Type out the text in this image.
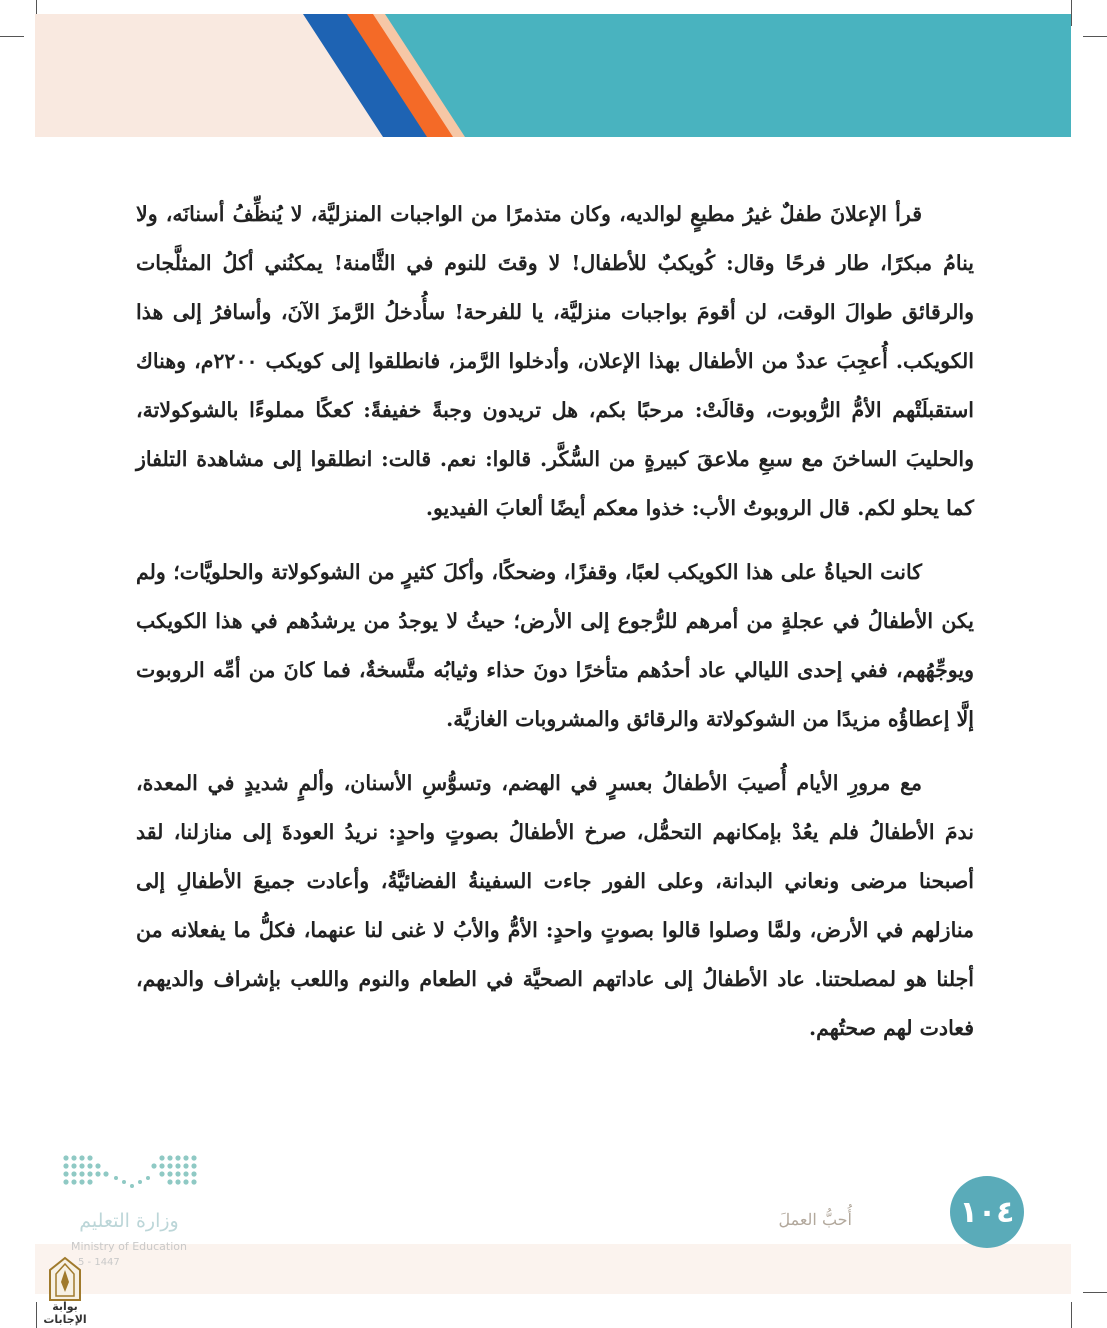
قرأ الإعلانَ طفلٌ غيرُ مطيعٍ لوالديه، وكان متذمرًا من الواجبات المنزليَّة، لا يُنظِّفُ أسنانَه، ولا ينامُ مبكرًا، طار فرحًا وقال: كُويكبٌ للأطفال! لا وقتَ للنوم في الثَّامنة! يمكنُني أكلُ المثلَّجات والرقائق طوالَ الوقت، لن أقومَ بواجبات منزليَّة، يا للفرحة! سأُدخلُ الرَّمزَ الآنَ، وأسافرُ إلى هذا الكويكب. أُعجِبَ عددٌ من الأطفال بهذا الإعلان، وأدخلوا الرَّمز، فانطلقوا إلى كويكب ٢٢٠٠م، وهناك استقبلَتْهم الأمُّ الرُّوبوت، وقالَتْ: مرحبًا بكم، هل تريدون وجبةً خفيفةً: كعكًا مملوءًا بالشوكولاتة، والحليبَ الساخنَ مع سبعِ ملاعقَ كبيرةٍ من السُّكَّر. قالوا: نعم. قالت: انطلقوا إلى مشاهدة التلفاز كما يحلو لكم. قال الروبوتُ الأب: خذوا معكم أيضًا ألعابَ الفيديو.

كانت الحياةُ على هذا الكويكب لعبًا، وقفزًا، وضحكًا، وأكلَ كثيرٍ من الشوكولاتة والحلويَّات؛ ولم يكن الأطفالُ في عجلةٍ من أمرهم للرُّجوع إلى الأرض؛ حيثُ لا يوجدُ من يرشدُهم في هذا الكويكب ويوجِّهُهم، ففي إحدى الليالي عاد أحدُهم متأخرًا دونَ حذاء وثيابُه متَّسخةٌ، فما كانَ من أمِّه الروبوت إلَّا إعطاؤُه مزيدًا من الشوكولاتة والرقائق والمشروبات الغازيَّة.

مع مرورِ الأيام أُصيبَ الأطفالُ بعسرٍ في الهضم، وتسوُّسِ الأسنان، وألمٍ شديدٍ في المعدة، ندمَ الأطفالُ فلم يعُدْ بإمكانهم التحمُّل، صرخ الأطفالُ بصوتٍ واحدٍ: نريدُ العودةَ إلى منازلنا، لقد أصبحنا مرضى ونعاني البدانة، وعلى الفور جاءت السفينةُ الفضائيَّةُ، وأعادت جميعَ الأطفالِ إلى منازلهم في الأرض، ولمَّا وصلوا قالوا بصوتٍ واحدٍ: الأمُّ والأبُ لا غنى لنا عنهما، فكلُّ ما يفعلانه من أجلنا هو لمصلحتنا. عاد الأطفالُ إلى عاداتهم الصحيَّة في الطعام والنوم واللعب بإشراف والديهم، فعادت لهم صحتُهم.

١٠٤
أُحبُّ العملَ
وزارة التعليم
Ministry of Education
5 - 1447
بوابة الإجابات
